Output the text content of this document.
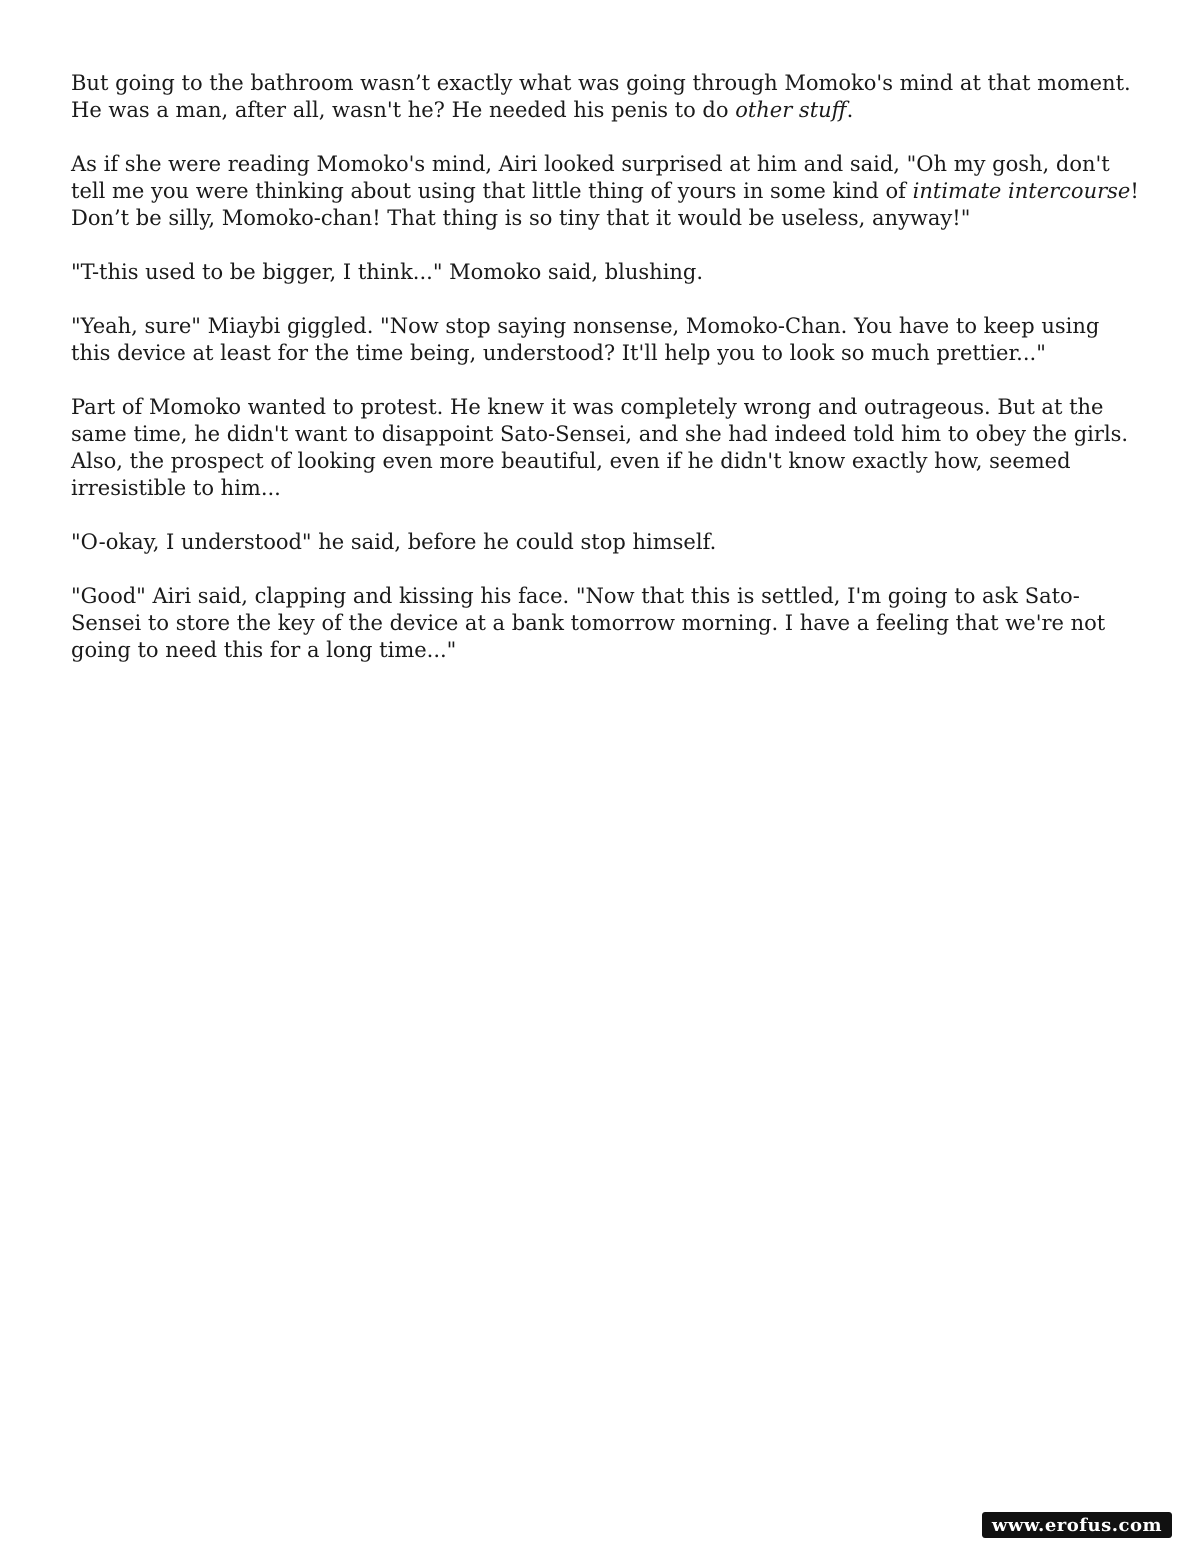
But going to the bathroom wasn’t exactly what was going through Momoko's mind at that moment. He was a man, after all, wasn't he? He needed his penis to do other stuff.

As if she were reading Momoko's mind, Airi looked surprised at him and said, "Oh my gosh, don't tell me you were thinking about using that little thing of yours in some kind of intimate intercourse! Don’t be silly, Momoko-chan! That thing is so tiny that it would be useless, anyway!"

"T-this used to be bigger, I think..." Momoko said, blushing.

"Yeah, sure" Miaybi giggled. "Now stop saying nonsense, Momoko-Chan. You have to keep using this device at least for the time being, understood? It'll help you to look so much prettier..."

Part of Momoko wanted to protest. He knew it was completely wrong and outrageous. But at the same time, he didn't want to disappoint Sato-Sensei, and she had indeed told him to obey the girls. Also, the prospect of looking even more beautiful, even if he didn't know exactly how, seemed irresistible to him...

"O-okay, I understood" he said, before he could stop himself.

"Good" Airi said, clapping and kissing his face. "Now that this is settled, I'm going to ask Sato-Sensei to store the key of the device at a bank tomorrow morning. I have a feeling that we're not going to need this for a long time..."

www.erofus.com
